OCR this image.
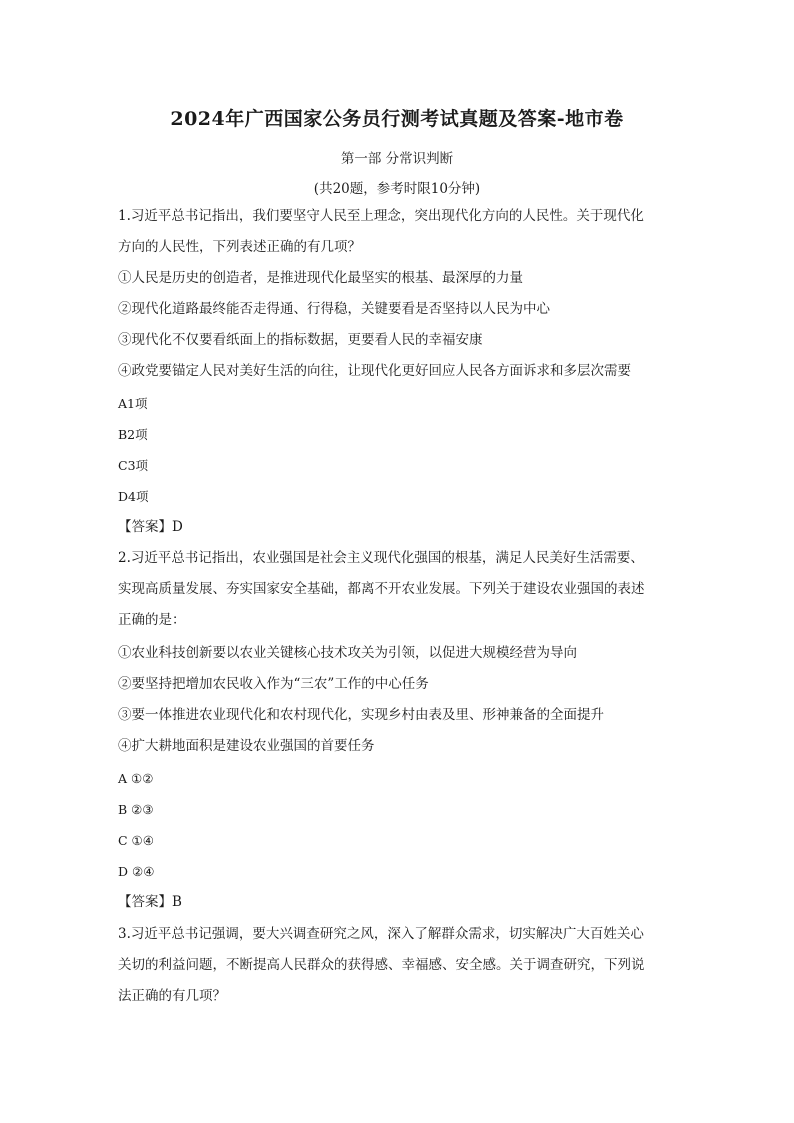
2024年广西国家公务员行测考试真题及答案-地市卷

第一部 分常识判断

(共20题，参考时限10分钟)

1.习近平总书记指出，我们要坚守人民至上理念，突出现代化方向的人民性。关于现代化

方向的人民性，下列表述正确的有几项？

①人民是历史的创造者，是推进现代化最坚实的根基、最深厚的力量

②现代化道路最终能否走得通、行得稳，关键要看是否坚持以人民为中心

③现代化不仅要看纸面上的指标数据，更要看人民的幸福安康

④政党要锚定人民对美好生活的向往，让现代化更好回应人民各方面诉求和多层次需要

A1项

B2项

C3项

D4项

【答案】D

2.习近平总书记指出，农业强国是社会主义现代化强国的根基，满足人民美好生活需要、

实现高质量发展、夯实国家安全基础，都离不开农业发展。下列关于建设农业强国的表述

正确的是：

①农业科技创新要以农业关键核心技术攻关为引领，以促进大规模经营为导向

②要坚持把增加农民收入作为“三农”工作的中心任务

③要一体推进农业现代化和农村现代化，实现乡村由表及里、形神兼备的全面提升

④扩大耕地面积是建设农业强国的首要任务

A ①②

B ②③

C ①④

D ②④

【答案】B

3.习近平总书记强调，要大兴调查研究之风，深入了解群众需求，切实解决广大百姓关心

关切的利益问题，不断提高人民群众的获得感、幸福感、安全感。关于调查研究，下列说

法正确的有几项？
